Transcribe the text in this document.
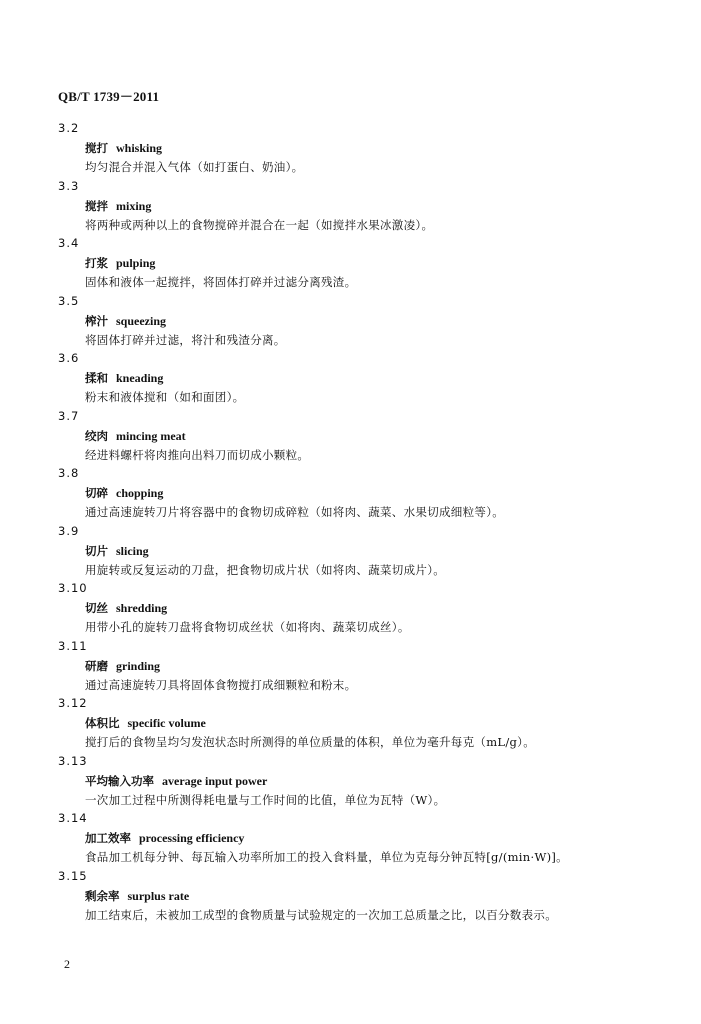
QB/T 1739－2011
3.2
搅打 whisking
均匀混合并混入气体（如打蛋白、奶油）。
3.3
搅拌 mixing
将两种或两种以上的食物搅碎并混合在一起（如搅拌水果冰激凌）。
3.4
打浆 pulping
固体和液体一起搅拌，将固体打碎并过滤分离残渣。
3.5
榨汁 squeezing
将固体打碎并过滤，将汁和残渣分离。
3.6
揉和 kneading
粉末和液体搅和（如和面团）。
3.7
绞肉 mincing meat
经进料螺杆将肉推向出料刀而切成小颗粒。
3.8
切碎 chopping
通过高速旋转刀片将容器中的食物切成碎粒（如将肉、蔬菜、水果切成细粒等）。
3.9
切片 slicing
用旋转或反复运动的刀盘，把食物切成片状（如将肉、蔬菜切成片）。
3.10
切丝 shredding
用带小孔的旋转刀盘将食物切成丝状（如将肉、蔬菜切成丝）。
3.11
研磨 grinding
通过高速旋转刀具将固体食物搅打成细颗粒和粉末。
3.12
体积比 specific volume
搅打后的食物呈均匀发泡状态时所测得的单位质量的体积，单位为毫升每克（mL/g）。
3.13
平均输入功率 average input power
一次加工过程中所测得耗电量与工作时间的比值，单位为瓦特（W）。
3.14
加工效率 processing efficiency
食品加工机每分钟、每瓦输入功率所加工的投入食料量，单位为克每分钟瓦特[g/(min·W)]。
3.15
剩余率 surplus rate
加工结束后，未被加工成型的食物质量与试验规定的一次加工总质量之比，以百分数表示。
2
